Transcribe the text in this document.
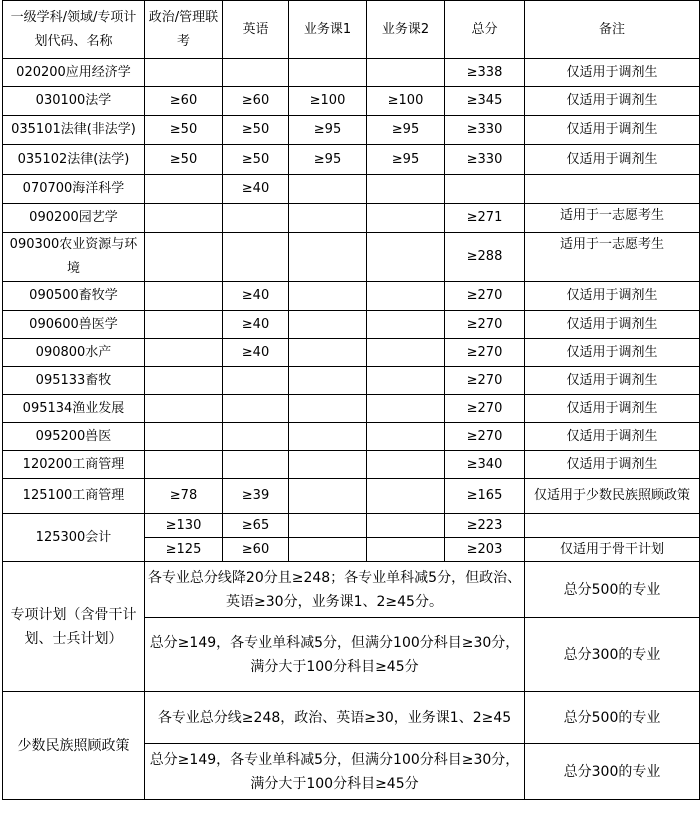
一级学科/领域/专项计划代码、名称	政治/管理联考	英语	业务课1	业务课2	总分	备注
020200应用经济学					≥338	仅适用于调剂生
030100法学	≥60	≥60	≥100	≥100	≥345	仅适用于调剂生
035101法律(非法学)	≥50	≥50	≥95	≥95	≥330	仅适用于调剂生
035102法律(法学)	≥50	≥50	≥95	≥95	≥330	仅适用于调剂生
070700海洋科学		≥40				
090200园艺学					≥271	适用于一志愿考生
090300农业资源与环境					≥288	适用于一志愿考生
090500畜牧学		≥40			≥270	仅适用于调剂生
090600兽医学		≥40			≥270	仅适用于调剂生
090800水产		≥40			≥270	仅适用于调剂生
095133畜牧					≥270	仅适用于调剂生
095134渔业发展					≥270	仅适用于调剂生
095200兽医					≥270	仅适用于调剂生
120200工商管理					≥340	仅适用于调剂生
125100工商管理	≥78	≥39			≥165	仅适用于少数民族照顾政策
125300会计	≥130	≥65			≥223	
	≥125	≥60			≥203	仅适用于骨干计划
专项计划（含骨干计划、士兵计划）	各专业总分线降20分且≥248；各专业单科减5分，但政治、英语≥30分，业务课1、2≥45分。					总分500的专业
	总分≥149，各专业单科减5分，但满分100分科目≥30分，满分大于100分科目≥45分					总分300的专业
少数民族照顾政策	各专业总分线≥248，政治、英语≥30，业务课1、2≥45					总分500的专业
	总分≥149，各专业单科减5分，但满分100分科目≥30分，满分大于100分科目≥45分					总分300的专业
